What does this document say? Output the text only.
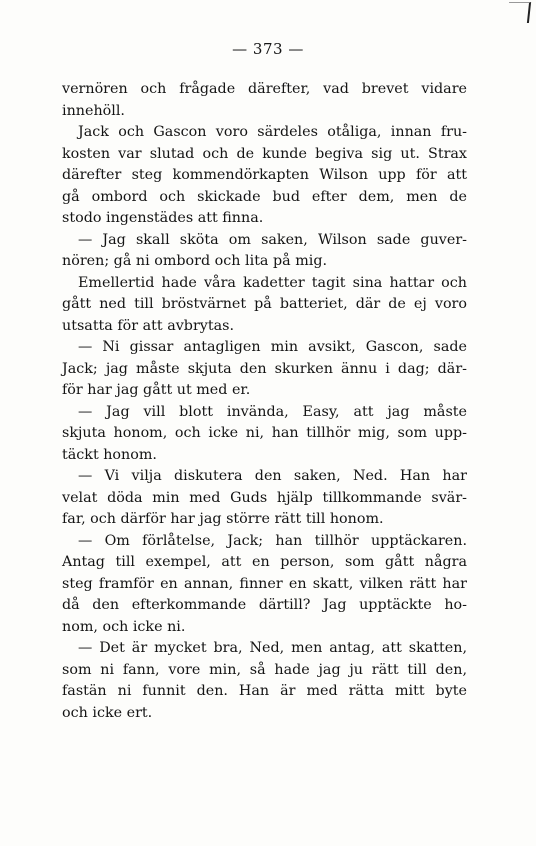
— 373 —
vernören och frågade därefter, vad brevet vidare
innehöll.
Jack och Gascon voro särdeles otåliga, innan fru-
kosten var slutad och de kunde begiva sig ut. Strax
därefter steg kommendörkapten Wilson upp för att
gå ombord och skickade bud efter dem, men de
stodo ingenstädes att finna.
— Jag skall sköta om saken, Wilson sade guver-
nören; gå ni ombord och lita på mig.
Emellertid hade våra kadetter tagit sina hattar och
gått ned till bröstvärnet på batteriet, där de ej voro
utsatta för att avbrytas.
— Ni gissar antagligen min avsikt, Gascon, sade
Jack; jag måste skjuta den skurken ännu i dag; där-
för har jag gått ut med er.
— Jag vill blott invända, Easy, att jag måste
skjuta honom, och icke ni, han tillhör mig, som upp-
täckt honom.
— Vi vilja diskutera den saken, Ned. Han har
velat döda min med Guds hjälp tillkommande svär-
far, och därför har jag större rätt till honom.
— Om förlåtelse, Jack; han tillhör upptäckaren.
Antag till exempel, att en person, som gått några
steg framför en annan, finner en skatt, vilken rätt har
då den efterkommande därtill? Jag upptäckte ho-
nom, och icke ni.
— Det är mycket bra, Ned, men antag, att skatten,
som ni fann, vore min, så hade jag ju rätt till den,
fastän ni funnit den. Han är med rätta mitt byte
och icke ert.
